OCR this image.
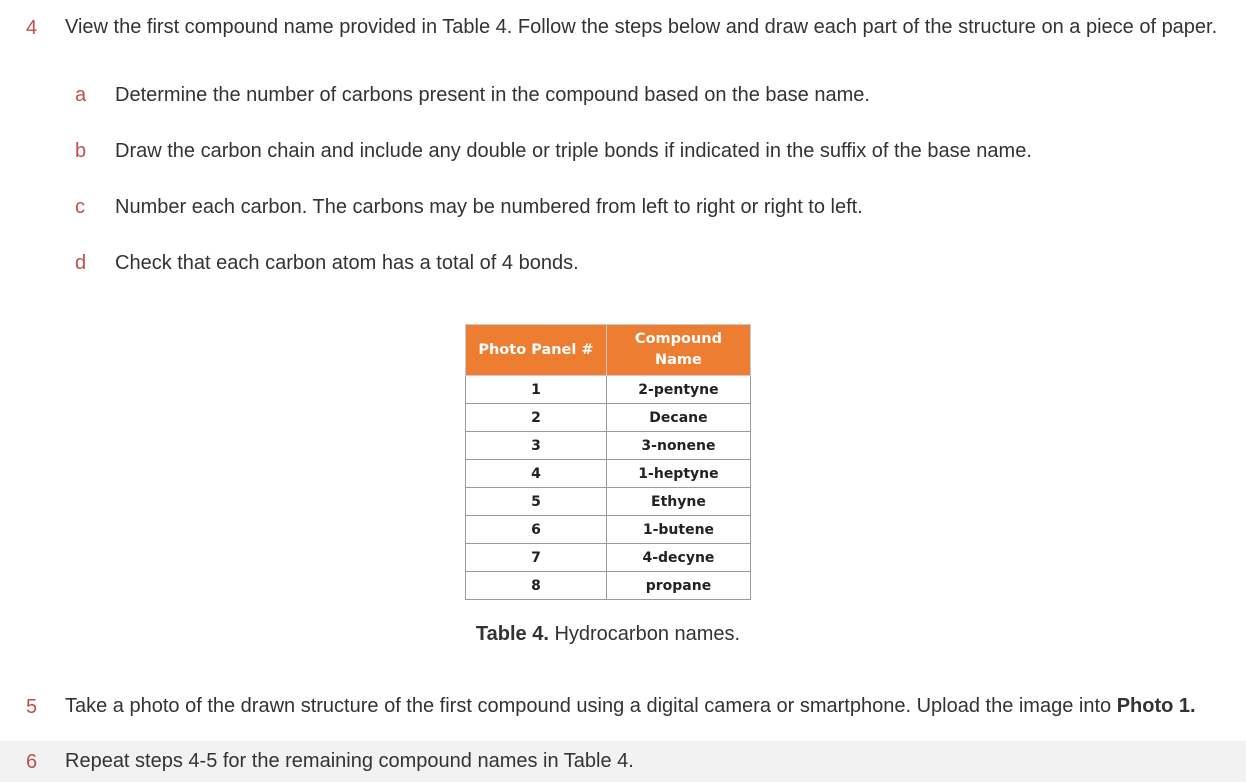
4 View the first compound name provided in Table 4. Follow the steps below and draw each part of the structure on a piece of paper.
a Determine the number of carbons present in the compound based on the base name.
b Draw the carbon chain and include any double or triple bonds if indicated in the suffix of the base name.
c Number each carbon. The carbons may be numbered from left to right or right to left.
d Check that each carbon atom has a total of 4 bonds.
Photo Panel #	Compound Name
1	2-pentyne
2	Decane
3	3-nonene
4	1-heptyne
5	Ethyne
6	1-butene
7	4-decyne
8	propane
Table 4. Hydrocarbon names.
5 Take a photo of the drawn structure of the first compound using a digital camera or smartphone. Upload the image into Photo 1.
6 Repeat steps 4-5 for the remaining compound names in Table 4.
